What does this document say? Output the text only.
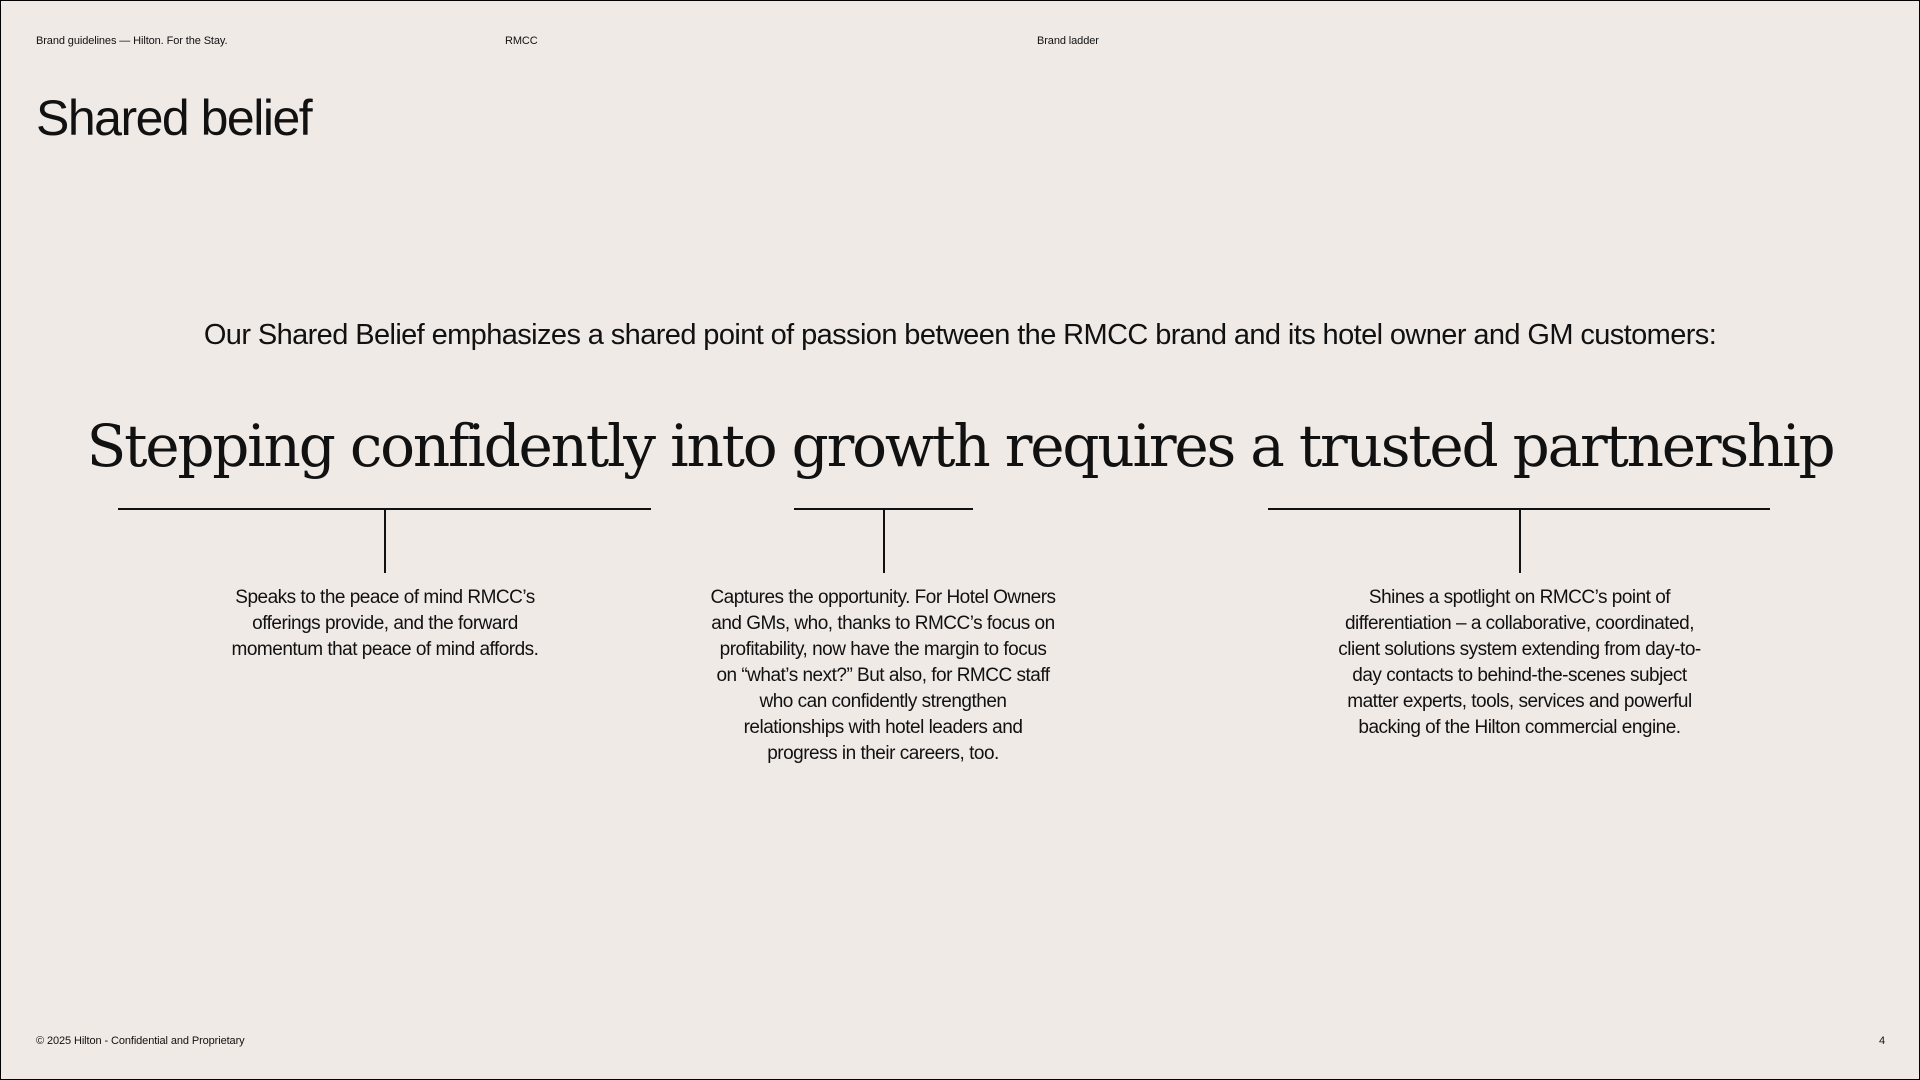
Brand guidelines — Hilton. For the Stay.	RMCC	Brand ladder
Shared belief

Our Shared Belief emphasizes a shared point of passion between the RMCC brand and its hotel owner and GM customers:

Stepping confidently into growth requires a trusted partnership

Speaks to the peace of mind RMCC’s offerings provide, and the forward momentum that peace of mind affords.

Captures the opportunity. For Hotel Owners and GMs, who, thanks to RMCC’s focus on profitability, now have the margin to focus on “what’s next?” But also, for RMCC staff who can confidently strengthen relationships with hotel leaders and progress in their careers, too.

Shines a spotlight on RMCC’s point of differentiation – a collaborative, coordinated, client solutions system extending from day-to-day contacts to behind-the-scenes subject matter experts, tools, services and powerful backing of the Hilton commercial engine.

© 2025 Hilton - Confidential and Proprietary	4
